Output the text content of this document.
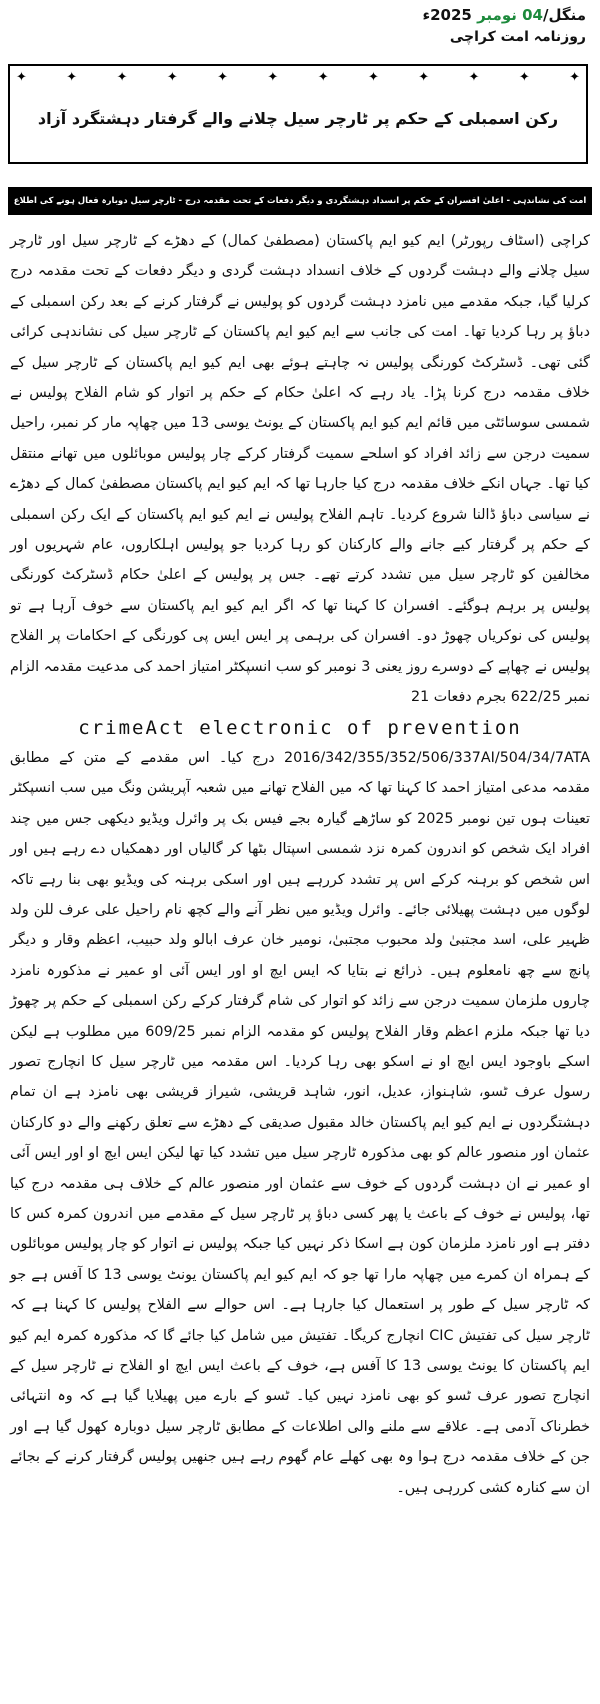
منگل/04 نومبر 2025ء
روزنامہ امت کراچی
✦
✦
✦
✦
✦
✦
✦
✦
✦
✦
✦
✦
رکن اسمبلی کے حکم پر ٹارچر سیل چلانے والے گرفتار دہشتگرد آزاد
امت کی نشاندہی - اعلیٰ افسران کے حکم پر انسداد دہشتگردی و دیگر دفعات کے تحت مقدمہ درج - ٹارچر سیل دوبارہ فعال ہونے کی اطلاع

کراچی (اسٹاف رپورٹر) ایم کیو ایم پاکستان (مصطفیٰ کمال) کے دھڑے کے ٹارچر سیل اور ٹارچر سیل چلانے والے دہشت گردوں کے خلاف انسداد دہشت گردی و دیگر دفعات کے تحت مقدمہ درج کرلیا گیا، جبکہ مقدمے میں نامزد دہشت گردوں کو پولیس نے گرفتار کرنے کے بعد رکن اسمبلی کے دباؤ پر رہا کردیا تھا۔ امت کی جانب سے ایم کیو ایم پاکستان کے ٹارچر سیل کی نشاندہی کرائی گئی تھی۔ ڈسٹرکٹ کورنگی پولیس نہ چاہتے ہوئے بھی ایم کیو ایم پاکستان کے ٹارچر سیل کے خلاف مقدمہ درج کرنا پڑا۔ یاد رہے کہ اعلیٰ حکام کے حکم پر اتوار کو شام الفلاح پولیس نے شمسی سوسائٹی میں قائم ایم کیو ایم پاکستان کے یونٹ یوسی 13 میں چھاپہ مار کر نمبر، راحیل سمیت درجن سے زائد افراد کو اسلحے سمیت گرفتار کرکے چار پولیس موبائلوں میں تھانے منتقل کیا تھا۔ جہاں انکے خلاف مقدمہ درج کیا جارہا تھا کہ ایم کیو ایم پاکستان مصطفیٰ کمال کے دھڑے نے سیاسی دباؤ ڈالنا شروع کردیا۔ تاہم الفلاح پولیس نے ایم کیو ایم پاکستان کے ایک رکن اسمبلی کے حکم پر گرفتار کیے جانے والے کارکنان کو رہا کردیا جو پولیس اہلکاروں، عام شہریوں اور مخالفین کو ٹارچر سیل میں تشدد کرتے تھے۔ جس پر پولیس کے اعلیٰ حکام ڈسٹرکٹ کورنگی پولیس پر برہم ہوگئے۔ افسران کا کہنا تھا کہ اگر ایم کیو ایم پاکستان سے خوف آرہا ہے تو پولیس کی نوکریاں چھوڑ دو۔ افسران کی برہمی پر ایس ایس پی کورنگی کے احکامات پر الفلاح پولیس نے چھاپے کے دوسرے روز یعنی 3 نومبر کو سب انسپکٹر امتیاز احمد کی مدعیت مقدمہ الزام نمبر 622/25 بجرم دفعات 21

crimeAct electronic of prevention

2016/342/355/352/506/337AI/504/34/7ATA درج کیا۔ اس مقدمے کے متن کے مطابق مقدمہ مدعی امتیاز احمد کا کہنا تھا کہ میں الفلاح تھانے میں شعبہ آپریشن ونگ میں سب انسپکٹر تعینات ہوں تین نومبر 2025 کو ساڑھے گیارہ بجے فیس بک پر وائرل ویڈیو دیکھی جس میں چند افراد ایک شخص کو اندرون کمرہ نزد شمسی اسپتال بٹھا کر گالیاں اور دھمکیاں دے رہے ہیں اور اس شخص کو برہنہ کرکے اس پر تشدد کررہے ہیں اور اسکی برہنہ کی ویڈیو بھی بنا رہے تاکہ لوگوں میں دہشت پھیلائی جائے۔ وائرل ویڈیو میں نظر آنے والے کچھ نام راحیل علی عرف للن ولد ظہیر علی، اسد مجتبیٰ ولد محبوب مجتبیٰ، نومیر خان عرف ابالو ولد حبیب، اعظم وقار و دیگر پانچ سے چھ نامعلوم ہیں۔ ذرائع نے بتایا کہ ایس ایچ او اور ایس آئی او عمیر نے مذکورہ نامزد چاروں ملزمان سمیت درجن سے زائد کو اتوار کی شام گرفتار کرکے رکن اسمبلی کے حکم پر چھوڑ دیا تھا جبکہ ملزم اعظم وقار الفلاح پولیس کو مقدمہ الزام نمبر 609/25 میں مطلوب ہے لیکن اسکے باوجود ایس ایچ او نے اسکو بھی رہا کردیا۔ اس مقدمہ میں ٹارچر سیل کا انچارج تصور رسول عرف ٹسو، شاہنواز، عدیل، انور، شاہد قریشی، شیراز قریشی بھی نامزد ہے ان تمام دہشتگردوں نے ایم کیو ایم پاکستان خالد مقبول صدیقی کے دھڑے سے تعلق رکھنے والے دو کارکنان عثمان اور منصور عالم کو بھی مذکورہ ٹارچر سیل میں تشدد کیا تھا لیکن ایس ایچ او اور ایس آئی او عمیر نے ان دہشت گردوں کے خوف سے عثمان اور منصور عالم کے خلاف ہی مقدمہ درج کیا تھا، پولیس نے خوف کے باعث یا پھر کسی دباؤ پر ٹارچر سیل کے مقدمے میں اندرون کمرہ کس کا دفتر ہے اور نامزد ملزمان کون ہے اسکا ذکر نہیں کیا جبکہ پولیس نے اتوار کو چار پولیس موبائلوں کے ہمراہ ان کمرے میں چھاپہ مارا تھا جو کہ ایم کیو ایم پاکستان یونٹ یوسی 13 کا آفس ہے جو کہ ٹارچر سیل کے طور پر استعمال کیا جارہا ہے۔ اس حوالے سے الفلاح پولیس کا کہنا ہے کہ ٹارچر سیل کی تفتیش CIC انچارج کریگا۔ تفتیش میں شامل کیا جائے گا کہ مذکورہ کمرہ ایم کیو ایم پاکستان کا یونٹ یوسی 13 کا آفس ہے، خوف کے باعث ایس ایچ او الفلاح نے ٹارچر سیل کے انچارج تصور عرف ٹسو کو بھی نامزد نہیں کیا۔ ٹسو کے بارے میں پھیلایا گیا ہے کہ وہ انتہائی خطرناک آدمی ہے۔ علاقے سے ملنے والی اطلاعات کے مطابق ٹارچر سیل دوبارہ کھول گیا ہے اور جن کے خلاف مقدمہ درج ہوا وہ بھی کھلے عام گھوم رہے ہیں جنھیں پولیس گرفتار کرنے کے بجائے ان سے کنارہ کشی کررہی ہیں۔
